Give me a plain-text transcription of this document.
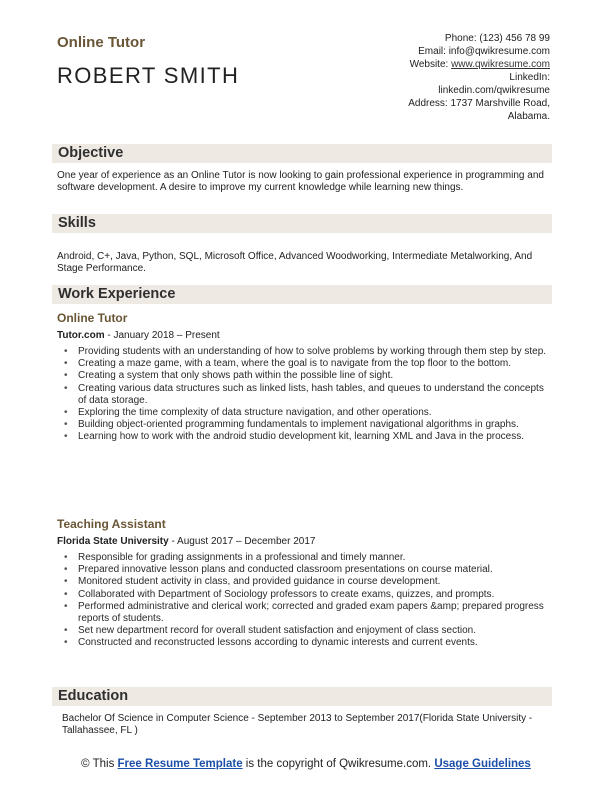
Online Tutor
ROBERT SMITH
Phone: (123) 456 78 99
Email: info@qwikresume.com
Website: www.qwikresume.com
LinkedIn:
linkedin.com/qwikresume
Address: 1737 Marshville Road,
Alabama.
Objective
One year of experience as an Online Tutor is now looking to gain professional experience in programming and software development. A desire to improve my current knowledge while learning new things.
Skills
Android, C+, Java, Python, SQL, Microsoft Office, Advanced Woodworking, Intermediate Metalworking, And Stage Performance.
Work Experience
Online Tutor
Tutor.com - January 2018 – Present
• Providing students with an understanding of how to solve problems by working through them step by step.
• Creating a maze game, with a team, where the goal is to navigate from the top floor to the bottom.
• Creating a system that only shows path within the possible line of sight.
• Creating various data structures such as linked lists, hash tables, and queues to understand the concepts of data storage.
• Exploring the time complexity of data structure navigation, and other operations.
• Building object-oriented programming fundamentals to implement navigational algorithms in graphs.
• Learning how to work with the android studio development kit, learning XML and Java in the process.
Teaching Assistant
Florida State University - August 2017 – December 2017
• Responsible for grading assignments in a professional and timely manner.
• Prepared innovative lesson plans and conducted classroom presentations on course material.
• Monitored student activity in class, and provided guidance in course development.
• Collaborated with Department of Sociology professors to create exams, quizzes, and prompts.
• Performed administrative and clerical work; corrected and graded exam papers &amp; prepared progress reports of students.
• Set new department record for overall student satisfaction and enjoyment of class section.
• Constructed and reconstructed lessons according to dynamic interests and current events.
Education
Bachelor Of Science in Computer Science - September 2013 to September 2017(Florida State University - Tallahassee, FL )
© This Free Resume Template is the copyright of Qwikresume.com. Usage Guidelines
